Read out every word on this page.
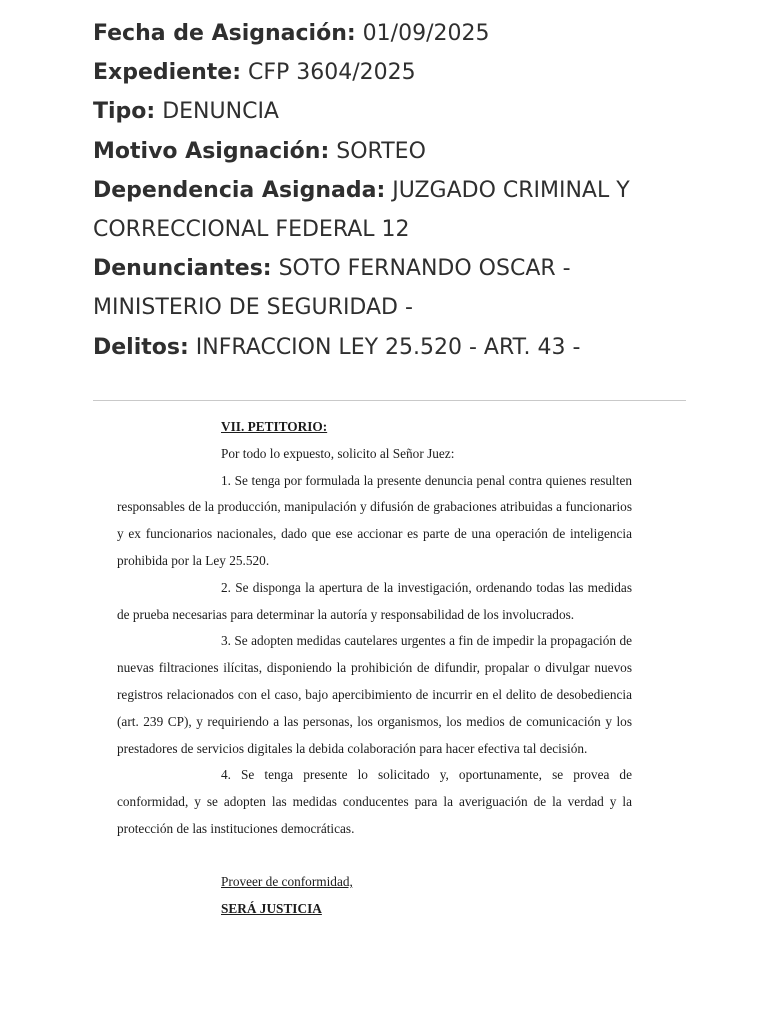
Fecha de Asignación: 01/09/2025

Expediente: CFP 3604/2025

Tipo: DENUNCIA

Motivo Asignación: SORTEO

Dependencia Asignada: JUZGADO CRIMINAL Y

CORRECCIONAL FEDERAL 12

Denunciantes: SOTO FERNANDO OSCAR -

MINISTERIO DE SEGURIDAD -

Delitos: INFRACCION LEY 25.520 - ART. 43 -

VII. PETITORIO:

Por todo lo expuesto, solicito al Señor Juez:

1. Se tenga por formulada la presente denuncia penal contra quienes resulten responsables de la producción, manipulación y difusión de grabaciones atribuidas a funcionarios y ex funcionarios nacionales, dado que ese accionar es parte de una operación de inteligencia prohibida por la Ley 25.520.

2. Se disponga la apertura de la investigación, ordenando todas las medidas de prueba necesarias para determinar la autoría y responsabilidad de los involucrados.

3. Se adopten medidas cautelares urgentes a fin de impedir la propagación de nuevas filtraciones ilícitas, disponiendo la prohibición de difundir, propalar o divulgar nuevos registros relacionados con el caso, bajo apercibimiento de incurrir en el delito de desobediencia (art. 239 CP), y requiriendo a las personas, los organismos, los medios de comunicación y los prestadores de servicios digitales la debida colaboración para hacer efectiva tal decisión.

4. Se tenga presente lo solicitado y, oportunamente, se provea de conformidad, y se adopten las medidas conducentes para la averiguación de la verdad y la protección de las instituciones democráticas.

Proveer de conformidad,

SERÁ JUSTICIA
